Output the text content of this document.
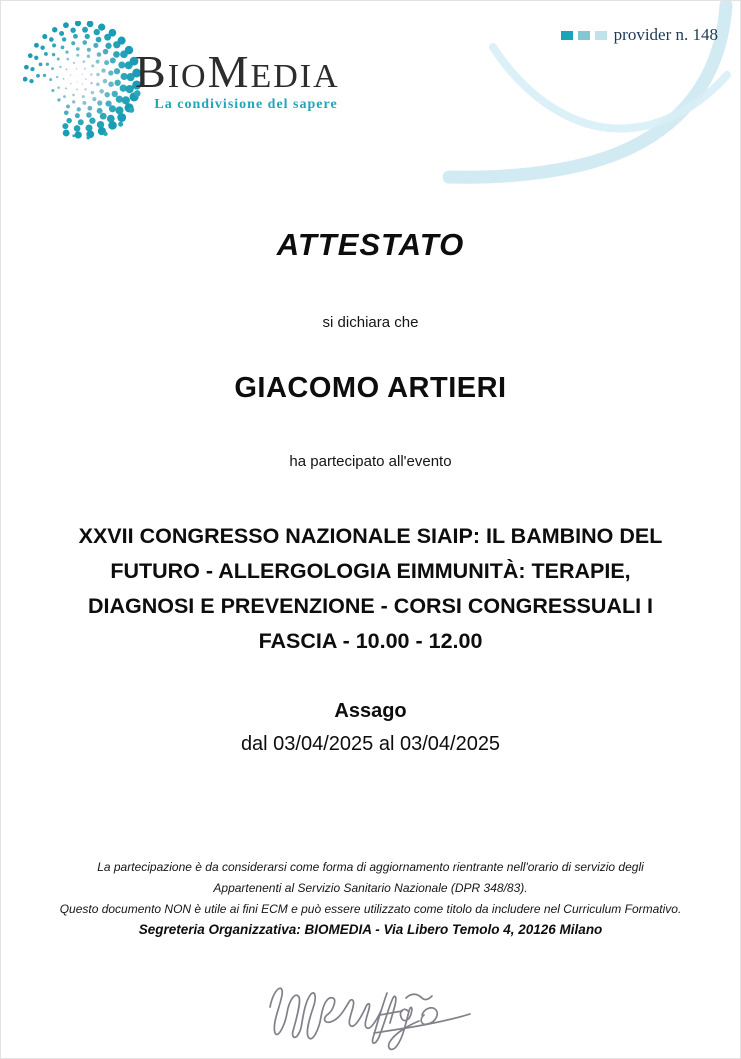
BIOMEDIA
La condivisione del sapere
provider n. 148
ATTESTATO
si dichiara che
GIACOMO ARTIERI
ha partecipato all'evento
XXVII CONGRESSO NAZIONALE SIAIP: IL BAMBINO DEL
FUTURO - ALLERGOLOGIA EIMMUNITÀ: TERAPIE,
DIAGNOSI E PREVENZIONE - CORSI CONGRESSUALI I
FASCIA - 10.00 - 12.00
Assago
dal 03/04/2025 al 03/04/2025
La partecipazione è da considerarsi come forma di aggiornamento rientrante nell'orario di servizio degli
Appartenenti al Servizio Sanitario Nazionale (DPR 348/83).
Questo documento NON è utile ai fini ECM e può essere utilizzato come titolo da includere nel Curriculum Formativo.
Segreteria Organizzativa: BIOMEDIA - Via Libero Temolo 4, 20126 Milano
